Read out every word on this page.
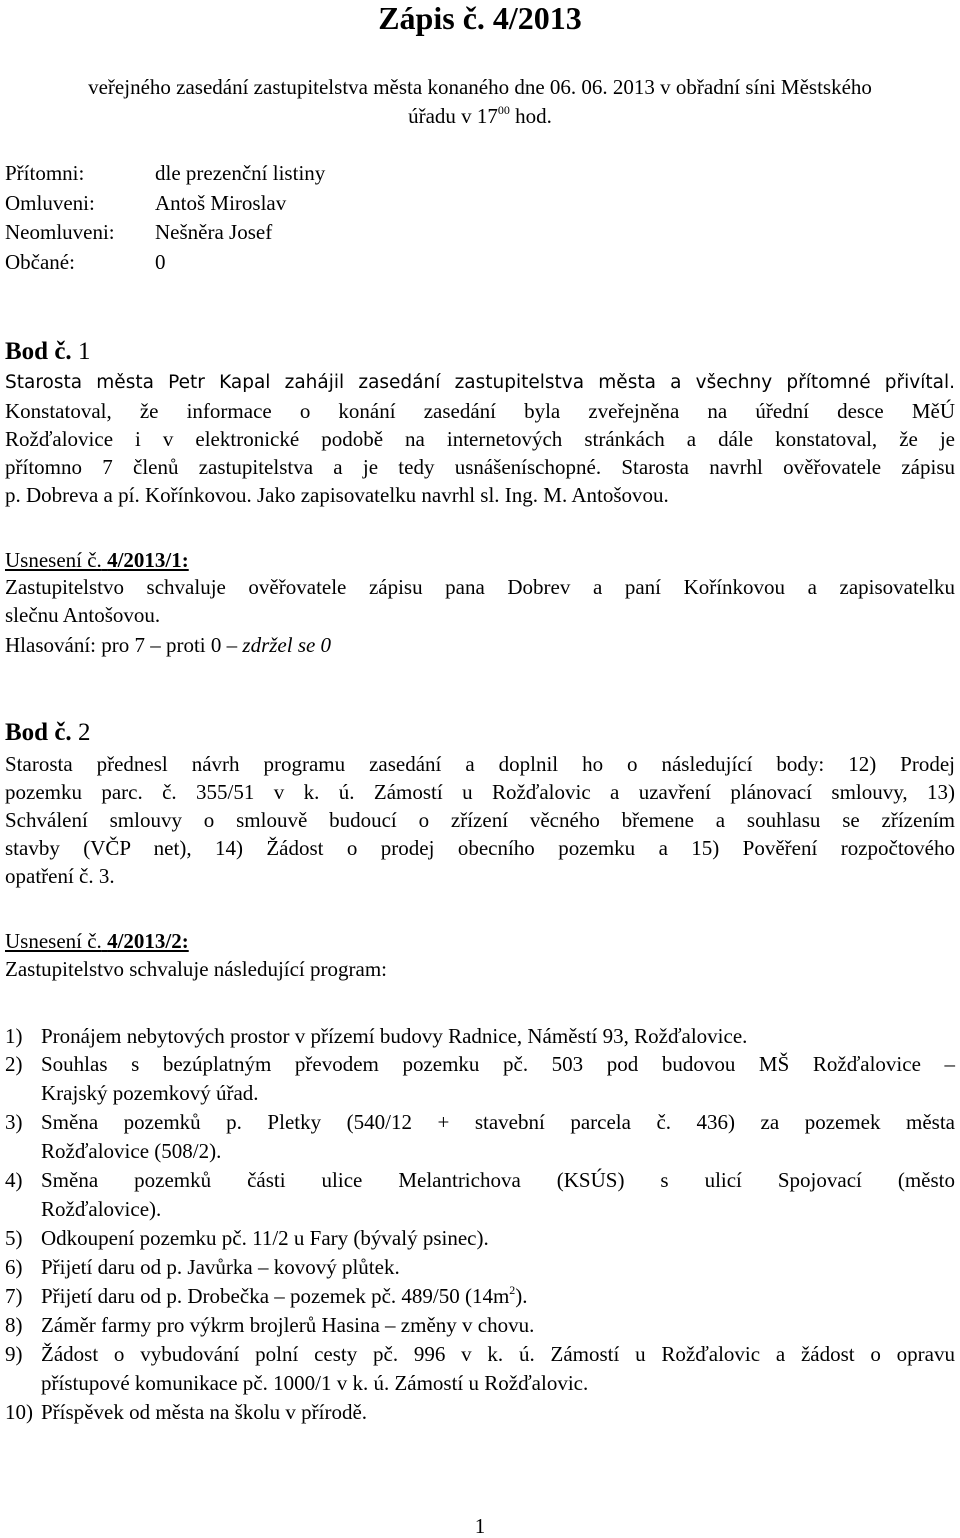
Zápis č. 4/2013
veřejného zasedání zastupitelstva města konaného dne 06. 06. 2013 v obřadní síni Městského
úřadu v $17^{00}$ hod.
Přítomni:	dle prezenční listiny
Omluveni:	Antoš Miroslav
Neomluveni: Nešněra Josef
Občané:	0
Bod č. 1
Starosta města Petr Kapal zahájil zasedání zastupitelstva města a všechny přítomné přivítal.
Konstatoval, že informace o konání zasedání byla zveřejněna na úřední desce MěÚ
Rožďalovice i v elektronické podobě na internetových stránkách a dále konstatoval, že je
přítomno 7 členů zastupitelstva a je tedy usnášeníschopné. Starosta navrhl ověřovatele zápisu
p. Dobreva a pí. Kořínkovou. Jako zapisovatelku navrhl sl. Ing. M. Antošovou.
Usnesení č. 4/2013/1:
Zastupitelstvo schvaluje ověřovatele zápisu pana Dobrev a paní Kořínkovou a zapisovatelku
slečnu Antošovou.
Hlasování: pro 7 – proti 0 – zdržel se 0
Bod č. 2
Starosta přednesl návrh programu zasedání a doplnil ho o následující body: 12) Prodej
pozemku parc. č. 355/51 v k. ú. Zámostí u Rožďalovic a uzavření plánovací smlouvy, 13)
Schválení smlouvy o smlouvě budoucí o zřízení věcného břemene a souhlasu se zřízením
stavby (VČP net), 14) Žádost o prodej obecního pozemku a 15) Pověření rozpočtového
opatření č. 3.
Usnesení č. 4/2013/2:
Zastupitelstvo schvaluje následující program:
1) Pronájem nebytových prostor v přízemí budovy Radnice, Náměstí 93, Rožďalovice.
2) Souhlas s bezúplatným převodem pozemku pč. 503 pod budovou MŠ Rožďalovice –
Krajský pozemkový úřad.
3) Směna pozemků p. Pletky (540/12 + stavební parcela č. 436) za pozemek města
Rožďalovice (508/2).
4) Směna pozemků části ulice Melantrichova (KSÚS) s ulicí Spojovací (město
Rožďalovice).
5) Odkoupení pozemku pč. 11/2 u Fary (bývalý psinec).
6) Přijetí daru od p. Javůrka – kovový plůtek.
7) Přijetí daru od p. Drobečka – pozemek pč. 489/50 $(14m^2)$.
8) Záměr farmy pro výkrm brojlerů Hasina – změny v chovu.
9) Žádost o vybudování polní cesty pč. 996 v k. ú. Zámostí u Rožďalovic a žádost o opravu
přístupové komunikace pč. 1000/1 v k. ú. Zámostí u Rožďalovic.
10) Příspěvek od města na školu v přírodě.
1
